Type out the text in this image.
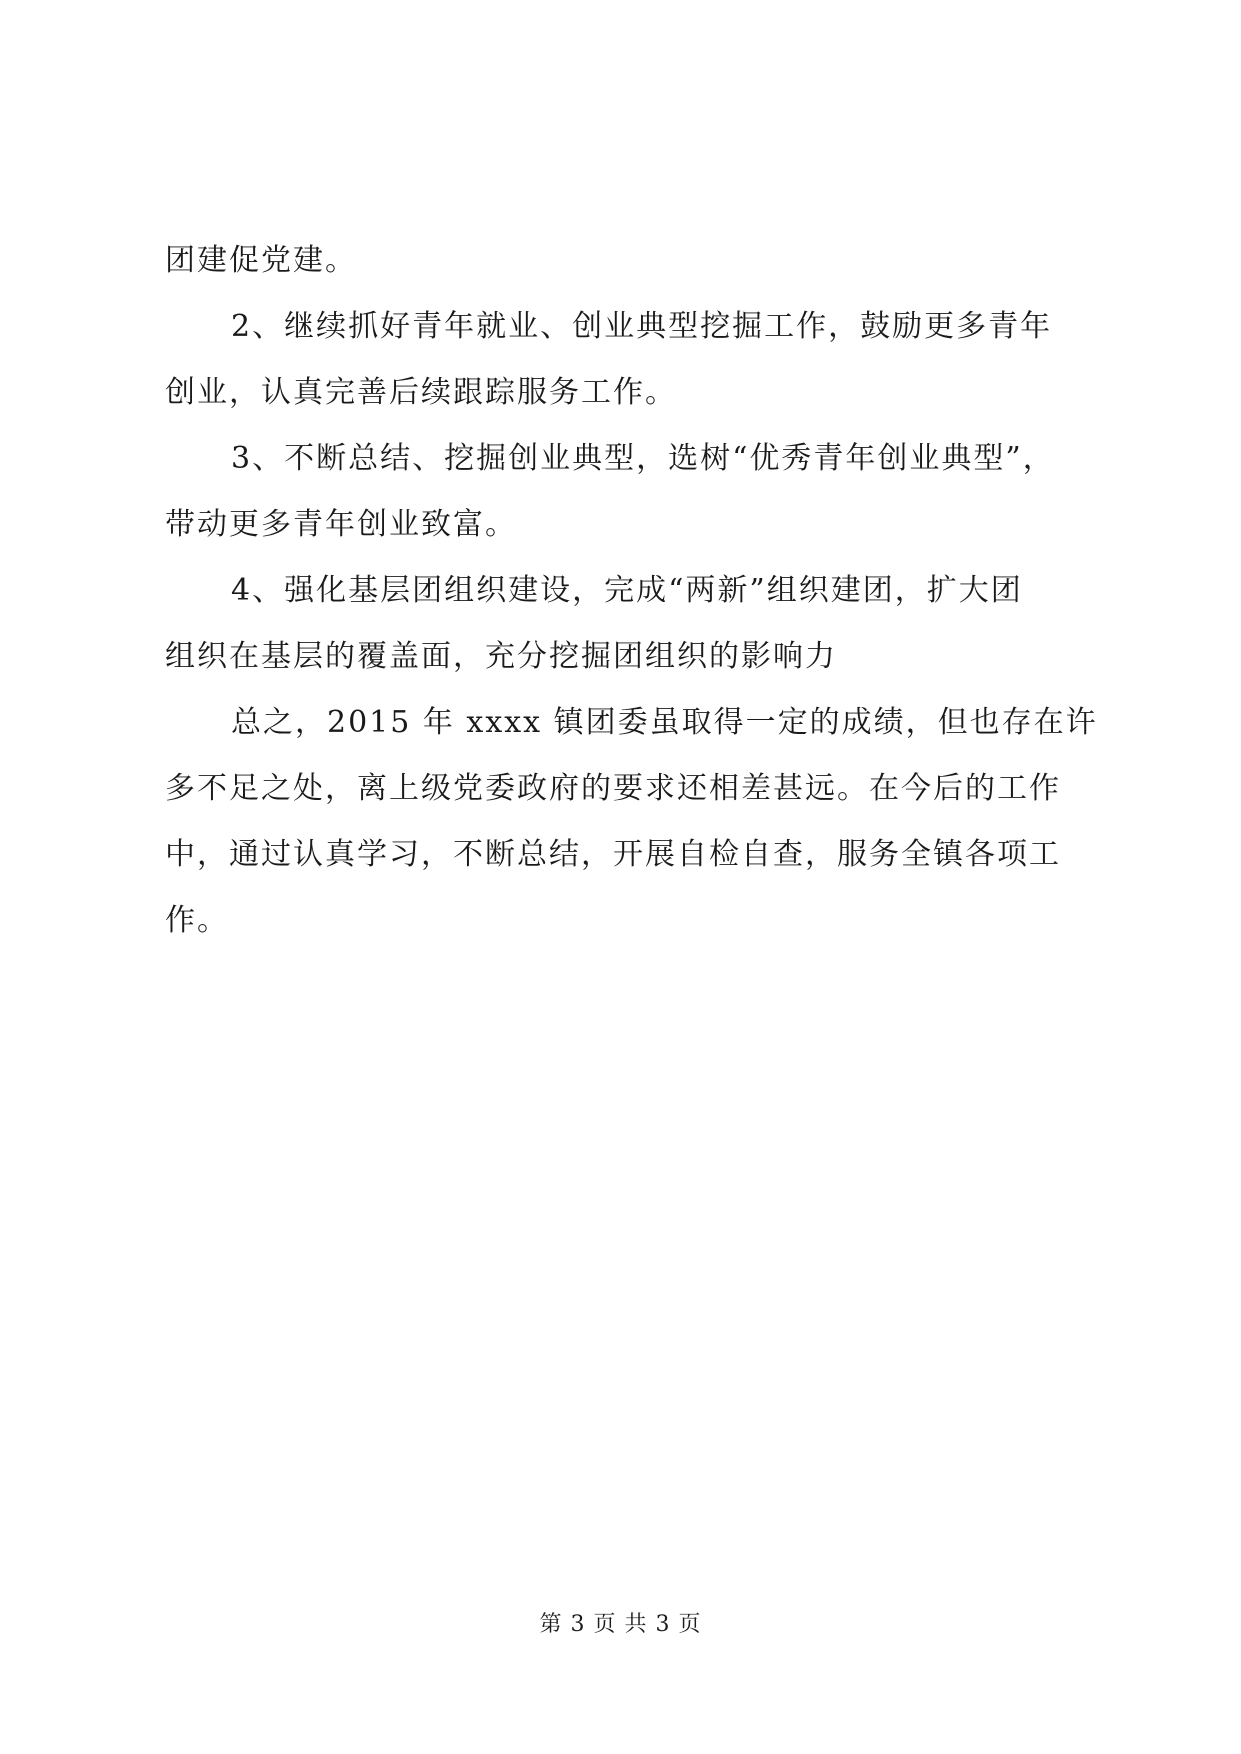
团建促党建。
2、继续抓好青年就业、创业典型挖掘工作，鼓励更多青年
创业，认真完善后续跟踪服务工作。
3、不断总结、挖掘创业典型，选树“优秀青年创业典型”，
带动更多青年创业致富。
4、强化基层团组织建设，完成“两新”组织建团，扩大团
组织在基层的覆盖面，充分挖掘团组织的影响力
总之，2015 年 xxxx 镇团委虽取得一定的成绩，但也存在许
多不足之处，离上级党委政府的要求还相差甚远。在今后的工作
中，通过认真学习，不断总结，开展自检自查，服务全镇各项工
作。
第 3 页 共 3 页
